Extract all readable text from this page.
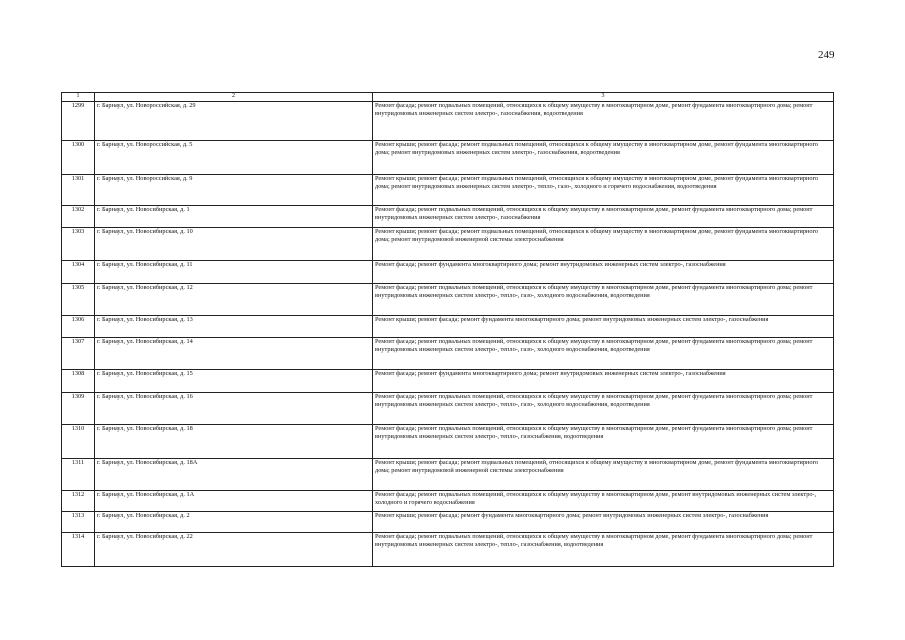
249
1	2	3
1299	г. Барнаул, ул. Новороссийская, д. 29	Ремонт фасада; ремонт подвальных помещений, относящихся к общему имуществу в многоквартирном доме, ремонт фундамента многоквартирного дома; ремонт внутридомовых инженерных систем электро-, газоснабжения, водоотведения
1300	г. Барнаул, ул. Новороссийская, д. 5	Ремонт крыши; ремонт фасада; ремонт подвальных помещений, относящихся к общему имуществу в многоквартирном доме, ремонт фундамента многоквартирного дома; ремонт внутридомовых инженерных систем электро-, газоснабжения, водоотведения
1301	г. Барнаул, ул. Новороссийская, д. 9	Ремонт крыши; ремонт фасада; ремонт подвальных помещений, относящихся к общему имуществу в многоквартирном доме, ремонт фундамента многоквартирного дома; ремонт внутридомовых инженерных систем электро-, тепло-, газо-, холодного и горячего водоснабжения, водоотведения
1302	г. Барнаул, ул. Новосибирская, д. 1	Ремонт фасада; ремонт подвальных помещений, относящихся к общему имуществу в многоквартирном доме, ремонт фундамента многоквартирного дома; ремонт внутридомовых инженерных систем электро-, газоснабжения
1303	г. Барнаул, ул. Новосибирская, д. 10	Ремонт крыши; ремонт фасада; ремонт подвальных помещений, относящихся к общему имуществу в многоквартирном доме, ремонт фундамента многоквартирного дома; ремонт внутридомовой инженерной системы электроснабжения
1304	г. Барнаул, ул. Новосибирская, д. 11	Ремонт фасада; ремонт фундамента многоквартирного дома; ремонт внутридомовых инженерных систем электро-, газоснабжения
1305	г. Барнаул, ул. Новосибирская, д. 12	Ремонт фасада; ремонт подвальных помещений, относящихся к общему имуществу в многоквартирном доме, ремонт фундамента многоквартирного дома; ремонт внутридомовых инженерных систем электро-, тепло-, газо-, холодного водоснабжения, водоотведения
1306	г. Барнаул, ул. Новосибирская, д. 13	Ремонт крыши; ремонт фасада; ремонт фундамента многоквартирного дома; ремонт внутридомовых инженерных систем электро-, газоснабжения
1307	г. Барнаул, ул. Новосибирская, д. 14	Ремонт фасада; ремонт подвальных помещений, относящихся к общему имуществу в многоквартирном доме, ремонт фундамента многоквартирного дома; ремонт внутридомовых инженерных систем электро-, тепло-, газо-, холодного водоснабжения, водоотведения
1308	г. Барнаул, ул. Новосибирская, д. 15	Ремонт фасада; ремонт фундамента многоквартирного дома; ремонт внутридомовых инженерных систем электро-, газоснабжения
1309	г. Барнаул, ул. Новосибирская, д. 16	Ремонт фасада; ремонт подвальных помещений, относящихся к общему имуществу в многоквартирном доме, ремонт фундамента многоквартирного дома; ремонт внутридомовых инженерных систем электро-, тепло-, газо-, холодного водоснабжения, водоотведения
1310	г. Барнаул, ул. Новосибирская, д. 18	Ремонт фасада; ремонт подвальных помещений, относящихся к общему имуществу в многоквартирном доме, ремонт фундамента многоквартирного дома; ремонт внутридомовых инженерных систем электро-, тепло-, газоснабжения, водоотведения
1311	г. Барнаул, ул. Новосибирская, д. 18А	Ремонт крыши; ремонт фасада; ремонт подвальных помещений, относящихся к общему имуществу в многоквартирном доме, ремонт фундамента многоквартирного дома; ремонт внутридомовой инженерной системы электроснабжения
1312	г. Барнаул, ул. Новосибирская, д. 1А	Ремонт фасада; ремонт подвальных помещений, относящихся к общему имуществу в многоквартирном доме, ремонт внутридомовых инженерных систем электро-, холодного и горячего водоснабжения
1313	г. Барнаул, ул. Новосибирская, д. 2	Ремонт крыши; ремонт фасада; ремонт фундамента многоквартирного дома; ремонт внутридомовых инженерных систем электро-, газоснабжения
1314	г. Барнаул, ул. Новосибирская, д. 22	Ремонт фасада; ремонт подвальных помещений, относящихся к общему имуществу в многоквартирном доме, ремонт фундамента многоквартирного дома; ремонт внутридомовых инженерных систем электро-, тепло-, газоснабжения, водоотведения
